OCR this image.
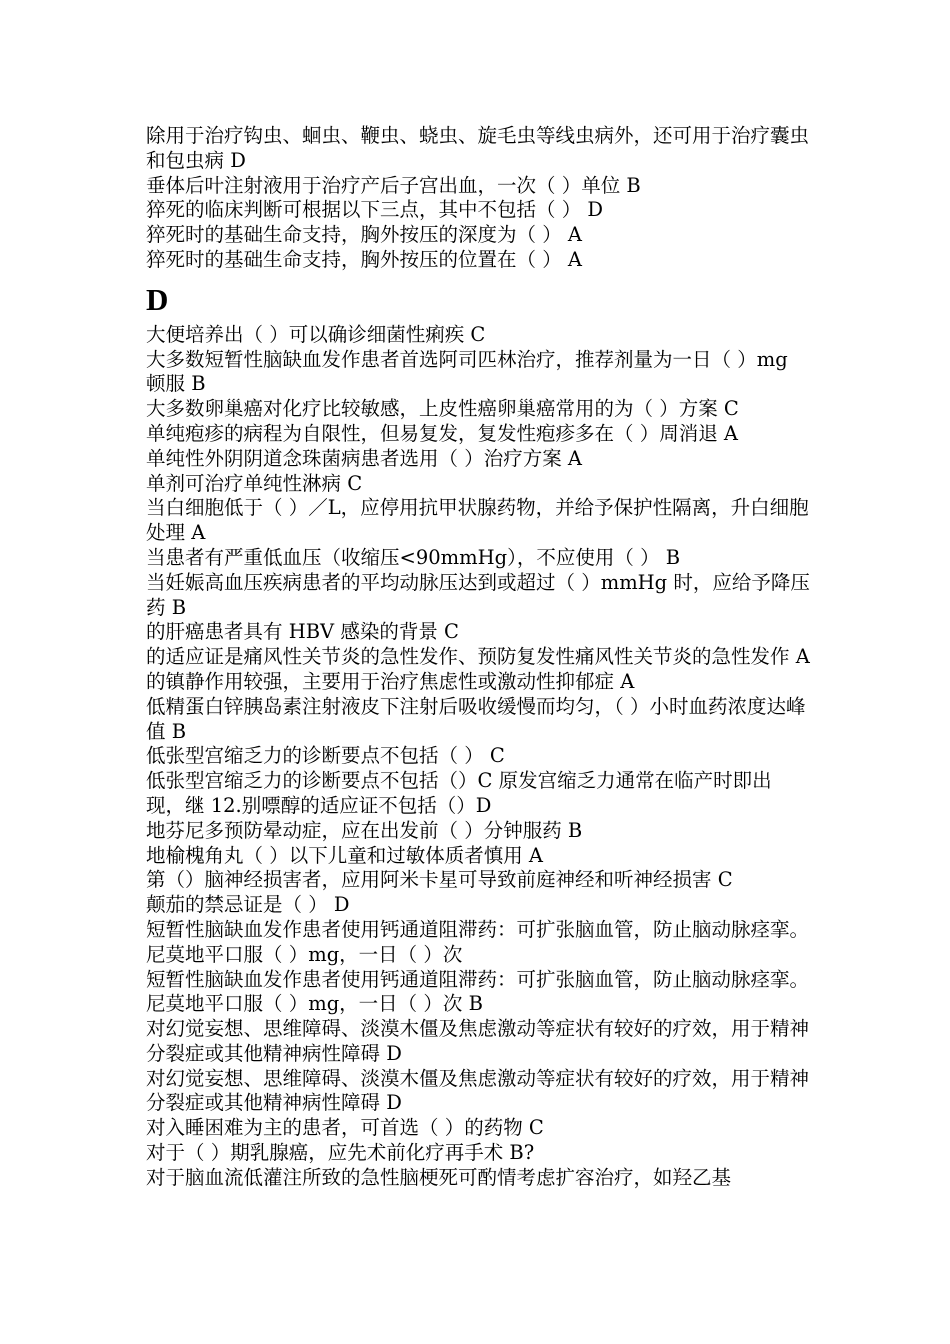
除用于治疗钩虫、蛔虫、鞭虫、蛲虫、旋毛虫等线虫病外，还可用于治疗囊虫和包虫病 D

垂体后叶注射液用于治疗产后子宫出血，一次（ ）单位 B

猝死的临床判断可根据以下三点，其中不包括（ ） D

猝死时的基础生命支持，胸外按压的深度为（ ） A

猝死时的基础生命支持，胸外按压的位置在（ ） A

D

大便培养出（ ）可以确诊细菌性痢疾 C

大多数短暂性脑缺血发作患者首选阿司匹林治疗，推荐剂量为一日（ ）mg 顿服 B

大多数卵巢癌对化疗比较敏感，上皮性癌卵巢癌常用的为（ ）方案 C

单纯疱疹的病程为自限性，但易复发，复发性疱疹多在（ ）周消退 A

单纯性外阴阴道念珠菌病患者选用（ ）治疗方案 A

单剂可治疗单纯性淋病 C

当白细胞低于（ ）／L，应停用抗甲状腺药物，并给予保护性隔离，升白细胞处理 A

当患者有严重低血压（收缩压<90mmHg），不应使用（ ） B

当妊娠高血压疾病患者的平均动脉压达到或超过（ ）mmHg 时，应给予降压药 B

的肝癌患者具有 HBV 感染的背景 C

的适应证是痛风性关节炎的急性发作、预防复发性痛风性关节炎的急性发作 A

的镇静作用较强，主要用于治疗焦虑性或激动性抑郁症 A

低精蛋白锌胰岛素注射液皮下注射后吸收缓慢而均匀，（ ）小时血药浓度达峰值 B

低张型宫缩乏力的诊断要点不包括（ ） C

低张型宫缩乏力的诊断要点不包括（）C 原发宫缩乏力通常在临产时即出现，继 12.别嘌醇的适应证不包括（）D

地芬尼多预防晕动症，应在出发前（ ）分钟服药 B

地榆槐角丸（ ）以下儿童和过敏体质者慎用 A

第（）脑神经损害者，应用阿米卡星可导致前庭神经和听神经损害 C

颠茄的禁忌证是（ ） D

短暂性脑缺血发作患者使用钙通道阻滞药：可扩张脑血管，防止脑动脉痉挛。尼莫地平口服（ ）mg，一日（ ）次

短暂性脑缺血发作患者使用钙通道阻滞药：可扩张脑血管，防止脑动脉痉挛。尼莫地平口服（ ）mg，一日（ ）次 B

对幻觉妄想、思维障碍、淡漠木僵及焦虑激动等症状有较好的疗效，用于精神分裂症或其他精神病性障碍 D

对幻觉妄想、思维障碍、淡漠木僵及焦虑激动等症状有较好的疗效，用于精神分裂症或其他精神病性障碍 D

对入睡困难为主的患者，可首选（ ）的药物 C

对于（ ）期乳腺癌，应先术前化疗再手术 B?

对于脑血流低灌注所致的急性脑梗死可酌情考虑扩容治疗，如羟乙基
